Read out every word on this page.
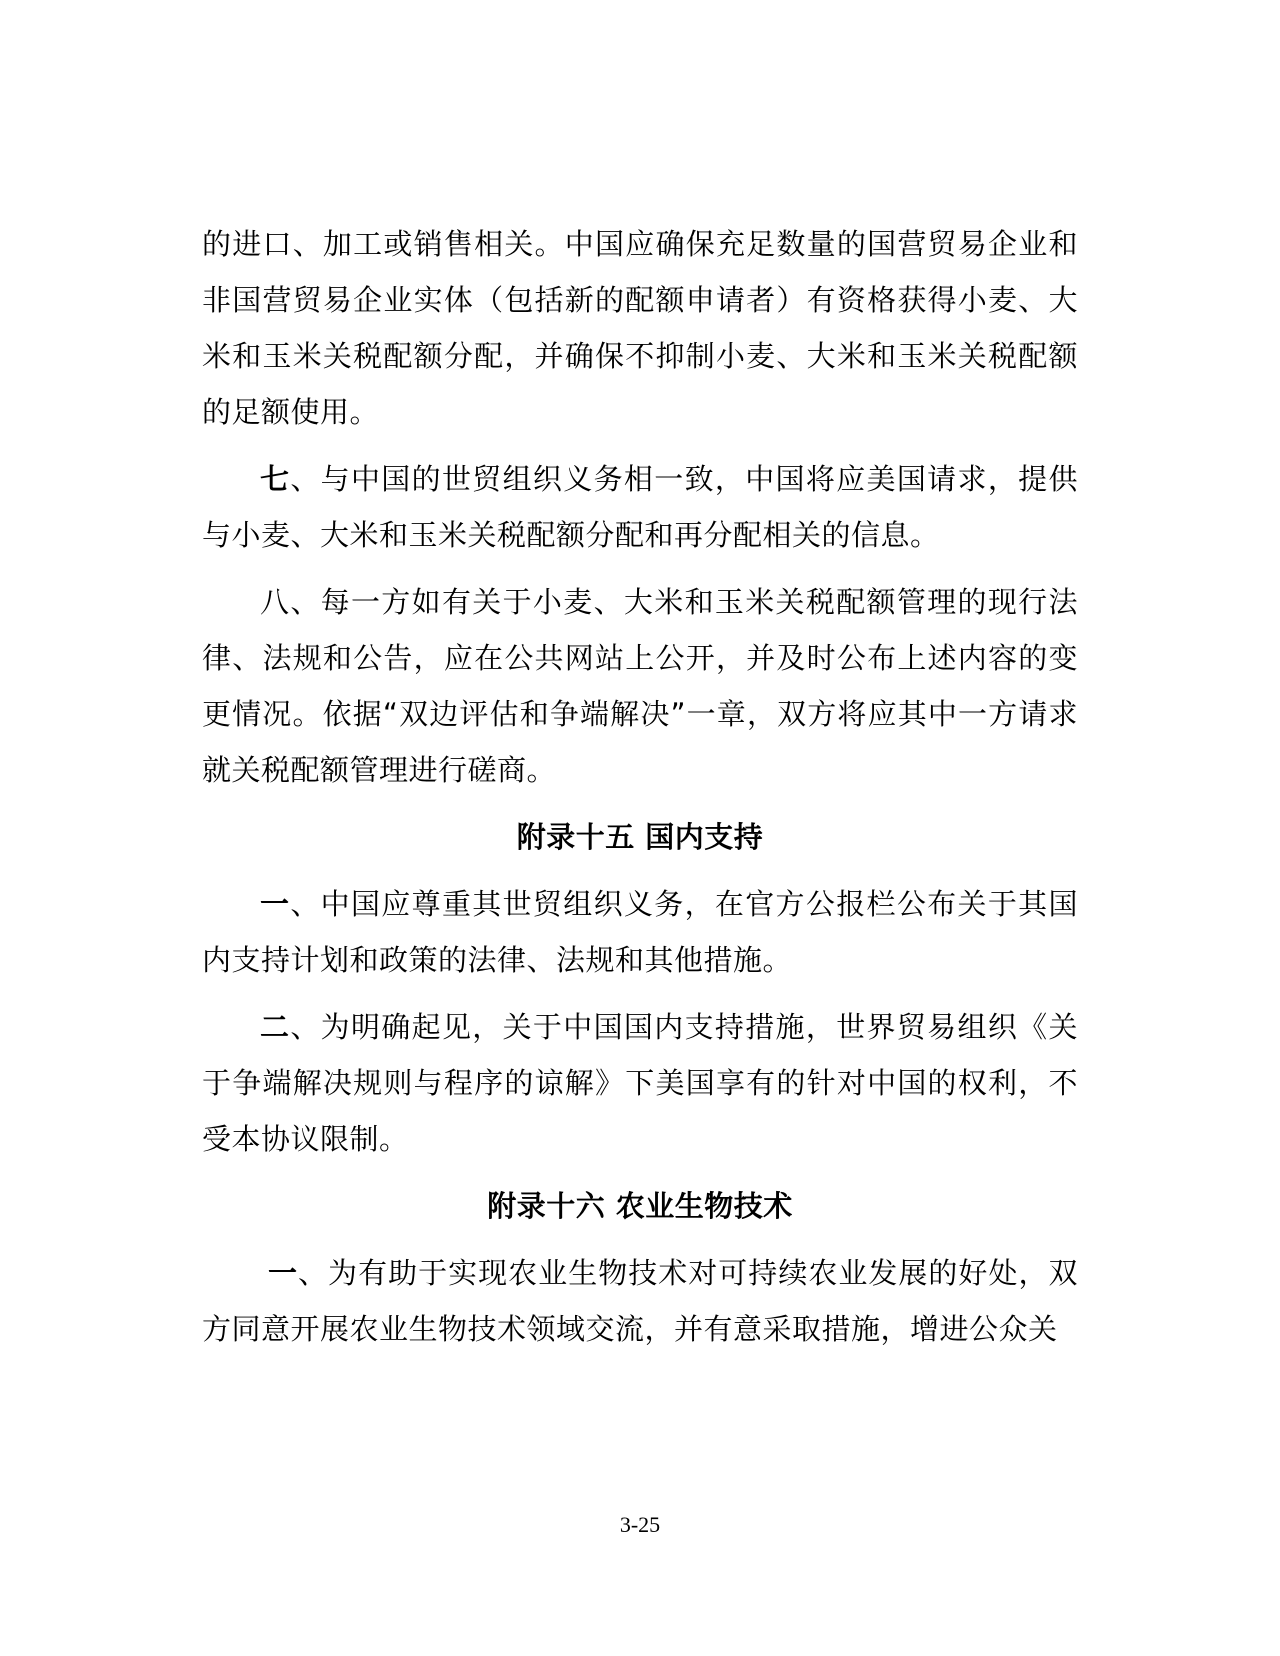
的进口、加工或销售相关。中国应确保充足数量的国营贸易企业和非国营贸易企业实体（包括新的配额申请者）有资格获得小麦、大米和玉米关税配额分配，并确保不抑制小麦、大米和玉米关税配额的足额使用。

七、与中国的世贸组织义务相一致，中国将应美国请求，提供与小麦、大米和玉米关税配额分配和再分配相关的信息。

八、每一方如有关于小麦、大米和玉米关税配额管理的现行法律、法规和公告，应在公共网站上公开，并及时公布上述内容的变更情况。依据“双边评估和争端解决”一章，双方将应其中一方请求就关税配额管理进行磋商。

附录十五 国内支持

一、中国应尊重其世贸组织义务，在官方公报栏公布关于其国内支持计划和政策的法律、法规和其他措施。

二、为明确起见，关于中国国内支持措施，世界贸易组织《关于争端解决规则与程序的谅解》下美国享有的针对中国的权利，不受本协议限制。

附录十六 农业生物技术

一、为有助于实现农业生物技术对可持续农业发展的好处，双方同意开展农业生物技术领域交流，并有意采取措施，增进公众关

3-25
